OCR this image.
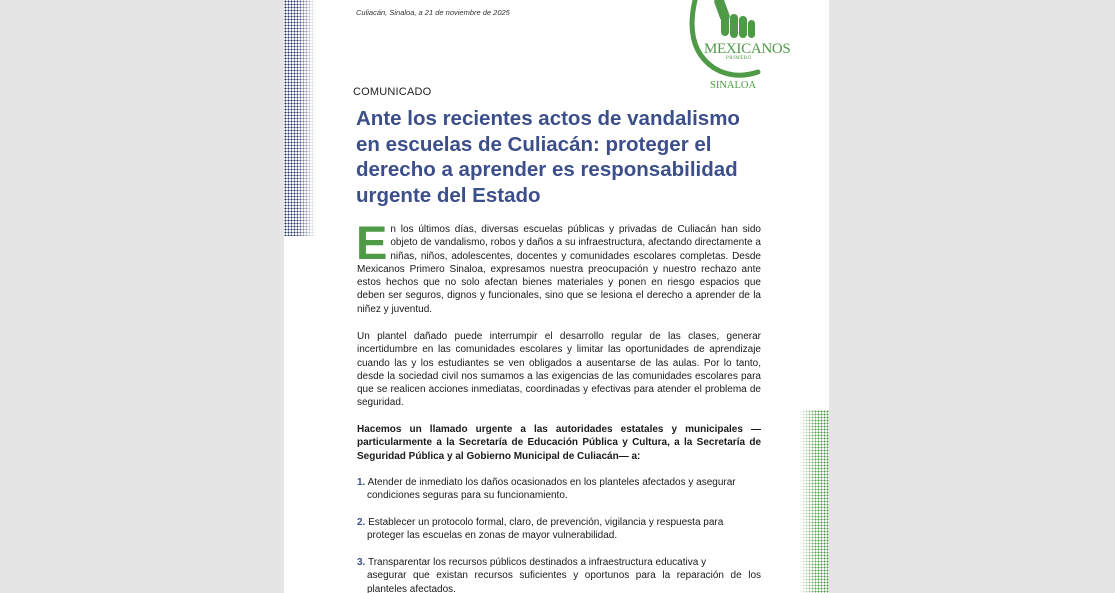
Culiacán, Sinaloa, a 21 de noviembre de 2025
MEXICANOS
PRIMERO
SINALOA
COMUNICADO
Ante los recientes actos de vandalismo en escuelas de Culiacán: proteger el derecho a aprender es responsabilidad urgente del Estado
En los últimos días, diversas escuelas públicas y privadas de Culiacán han sido objeto de vandalismo, robos y daños a su infraestructura, afectando directamente a niñas, niños, adolescentes, docentes y comunidades escolares completas. Desde Mexicanos Primero Sinaloa, expresamos nuestra preocupación y nuestro rechazo ante estos hechos que no solo afectan bienes materiales y ponen en riesgo espacios que deben ser seguros, dignos y funcionales, sino que se lesiona el derecho a aprender de la niñez y juventud.
Un plantel dañado puede interrumpir el desarrollo regular de las clases, generar incertidumbre en las comunidades escolares y limitar las oportunidades de aprendizaje cuando las y los estudiantes se ven obligados a ausentarse de las aulas. Por lo tanto, desde la sociedad civil nos sumamos a las exigencias de las comunidades escolares para que se realicen acciones inmediatas, coordinadas y efectivas para atender el problema de seguridad.
Hacemos un llamado urgente a las autoridades estatales y municipales —particularmente a la Secretaría de Educación Pública y Cultura, a la Secretaría de Seguridad Pública y al Gobierno Municipal de Culiacán— a:
1. Atender de inmediato los daños ocasionados en los planteles afectados y asegurar
condiciones seguras para su funcionamiento.
2. Establecer un protocolo formal, claro, de prevención, vigilancia y respuesta para
proteger las escuelas en zonas de mayor vulnerabilidad.
3. Transparentar los recursos públicos destinados a infraestructura educativa y
asegurar que existan recursos suficientes y oportunos para la reparación de los planteles afectados.
